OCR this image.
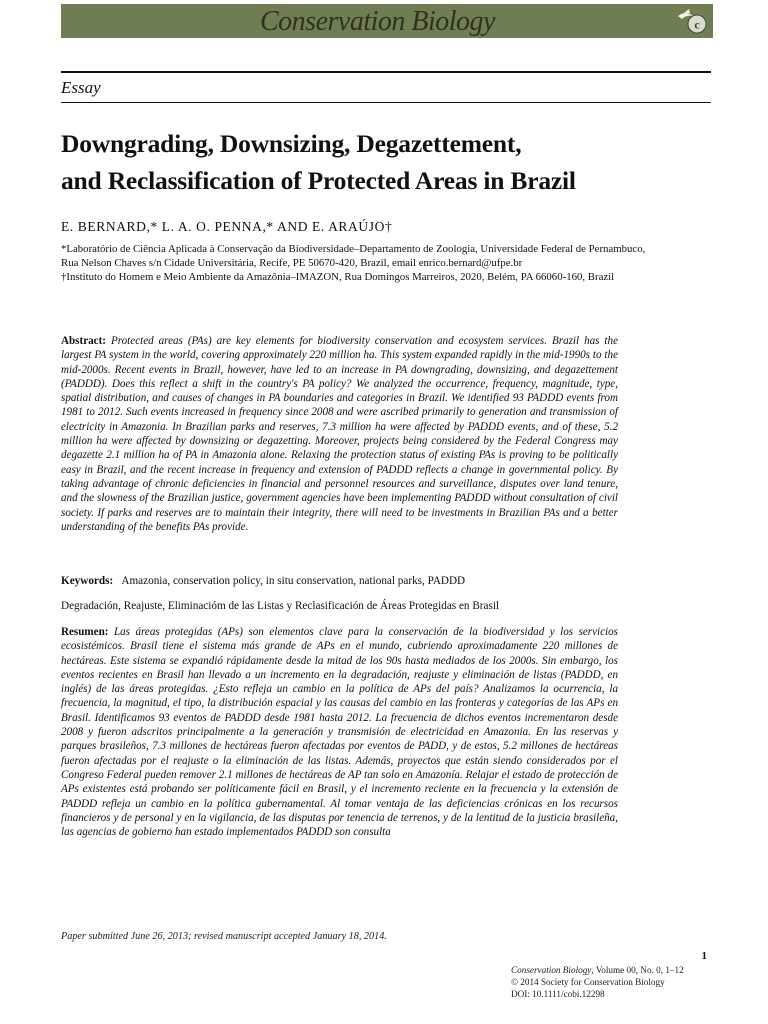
Conservation Biology	c
Essay
Downgrading, Downsizing, Degazettement,
and Reclassification of Protected Areas in Brazil
E. BERNARD,* L. A. O. PENNA,* AND E. ARAÚJO†
*Laboratório de Ciência Aplicada à Conservação da Biodiversidade–Departamento de Zoologia, Universidade Federal de Pernambuco,
Rua Nelson Chaves s/n Cidade Universitária, Recife, PE 50670-420, Brazil, email enrico.bernard@ufpe.br
†Instituto do Homem e Meio Ambiente da Amazônia–IMAZON, Rua Domingos Marreiros, 2020, Belém, PA 66060-160, Brazil
Abstract: Protected areas (PAs) are key elements for biodiversity conservation and ecosystem services. Brazil has the largest PA system in the world, covering approximately 220 million ha. This system expanded rapidly in the mid-1990s to the mid-2000s. Recent events in Brazil, however, have led to an increase in PA downgrading, downsizing, and degazettement (PADDD). Does this reflect a shift in the country's PA policy? We analyzed the occurrence, frequency, magnitude, type, spatial distribution, and causes of changes in PA boundaries and categories in Brazil. We identified 93 PADDD events from 1981 to 2012. Such events increased in frequency since 2008 and were ascribed primarily to generation and transmission of electricity in Amazonia. In Brazilian parks and reserves, 7.3 million ha were affected by PADDD events, and of these, 5.2 million ha were affected by downsizing or degazetting. Moreover, projects being considered by the Federal Congress may degazette 2.1 million ha of PA in Amazonia alone. Relaxing the protection status of existing PAs is proving to be politically easy in Brazil, and the recent increase in frequency and extension of PADDD reflects a change in governmental policy. By taking advantage of chronic deficiencies in financial and personnel resources and surveillance, disputes over land tenure, and the slowness of the Brazilian justice, government agencies have been implementing PADDD without consultation of civil society. If parks and reserves are to maintain their integrity, there will need to be investments in Brazilian PAs and a better understanding of the benefits PAs provide.
Keywords: Amazonia, conservation policy, in situ conservation, national parks, PADDD
Degradación, Reajuste, Eliminacióm de las Listas y Reclasificación de Áreas Protegidas en Brasil
Resumen: Las áreas protegidas (APs) son elementos clave para la conservación de la biodiversidad y los servicios ecosistémicos. Brasil tiene el sistema más grande de APs en el mundo, cubriendo aproximadamente 220 millones de hectáreas. Este sistema se expandió rápidamente desde la mitad de los 90s hasta mediados de los 2000s. Sin embargo, los eventos recientes en Brasil han llevado a un incremento en la degradación, reajuste y eliminación de listas (PADDD, en inglés) de las áreas protegidas. ¿Esto refleja un cambio en la política de APs del país? Analizamos la ocurrencia, la frecuencia, la magnitud, el tipo, la distribución espacial y las causas del cambio en las fronteras y categorías de las APs en Brasil. Identificamos 93 eventos de PADDD desde 1981 hasta 2012. La frecuencia de dichos eventos incrementaron desde 2008 y fueron adscritos principalmente a la generación y transmisión de electricidad en Amazonia. En las reservas y parques brasileños, 7.3 millones de hectáreas fueron afectadas por eventos de PADD, y de estos, 5.2 millones de hectáreas fueron afectadas por el reajuste o la eliminación de las listas. Además, proyectos que están siendo considerados por el Congreso Federal pueden remover 2.1 millones de hectáreas de AP tan solo en Amazonía. Relajar el estado de protección de APs existentes está probando ser políticamente fácil en Brasil, y el incremento reciente en la frecuencia y la extensión de PADDD refleja un cambio en la política gubernamental. Al tomar ventaja de las deficiencias crónicas en los recursos financieros y de personal y en la vigilancia, de las disputas por tenencia de terrenos, y de la lentitud de la justicia brasileña, las agencias de gobierno han estado implementados PADDD son consulta
Paper submitted June 26, 2013; revised manuscript accepted January 18, 2014.
1
Conservation Biology, Volume 00, No. 0, 1–12
© 2014 Society for Conservation Biology
DOI: 10.1111/cobi.12298
